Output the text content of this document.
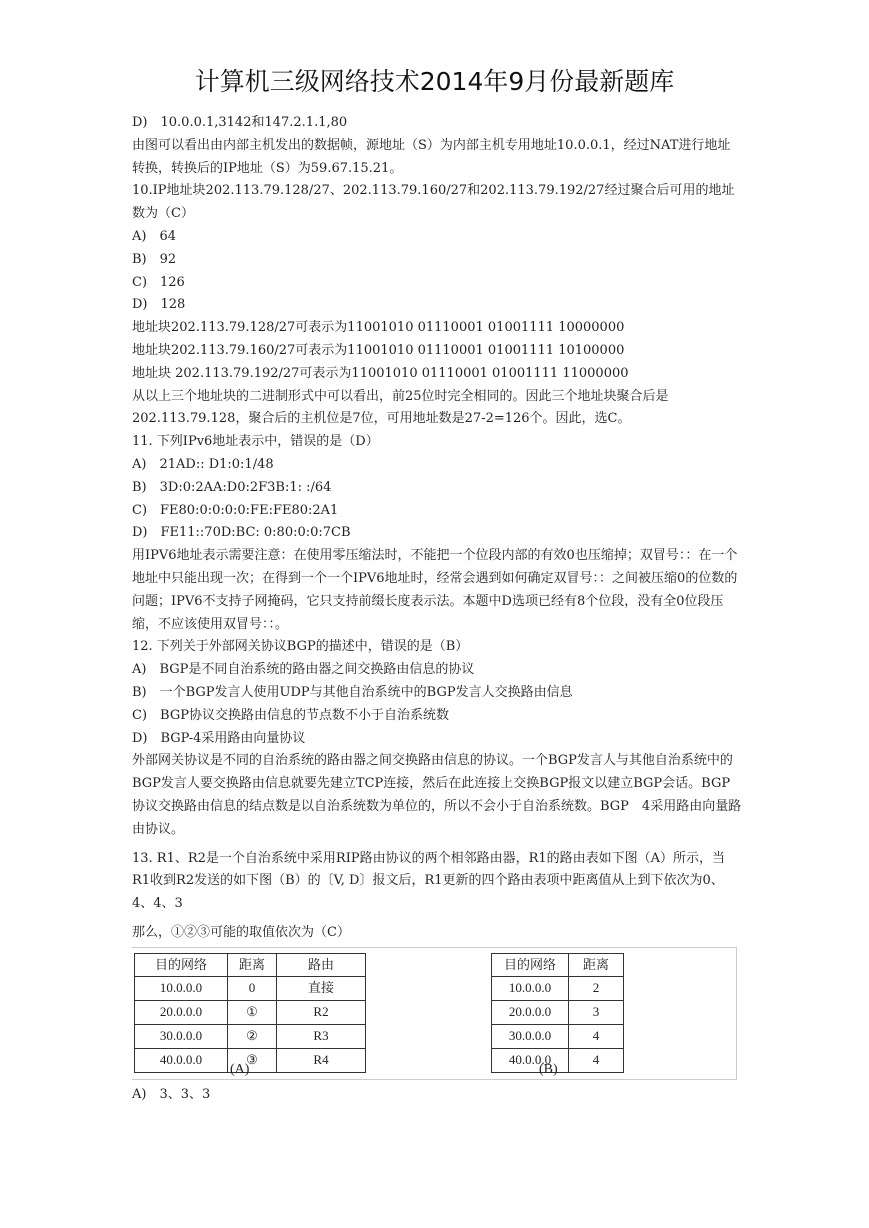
计算机三级网络技术2014年9月份最新题库

D)　10.0.0.1,3142和147.2.1.1,80

由图可以看出由内部主机发出的数据帧，源地址（S）为内部主机专用地址10.0.0.1，经过NAT进行地址转换，转换后的IP地址（S）为59.67.15.21。

10.IP地址块202.113.79.128/27、202.113.79.160/27和202.113.79.192/27经过聚合后可用的地址数为（C）

A)　64

B)　92

C)　126

D)　128

地址块202.113.79.128/27可表示为11001010 01110001 01001111 10000000

地址块202.113.79.160/27可表示为11001010 01110001 01001111 10100000

地址块 202.113.79.192/27可表示为11001010 01110001 01001111 11000000

从以上三个地址块的二进制形式中可以看出，前25位时完全相同的。因此三个地址块聚合后是202.113.79.128，聚合后的主机位是7位，可用地址数是27-2=126个。因此，选C。

11. 下列IPv6地址表示中，错误的是（D）

A)　21AD:: D1:0:1/48

B)　3D:0:2AA:D0:2F3B:1: :/64

C)　FE80:0:0:0:0:FE:FE80:2A1

D)　FE11::70D:BC: 0:80:0:0:7CB

用IPV6地址表示需要注意：在使用零压缩法时，不能把一个位段内部的有效0也压缩掉；双冒号：：在一个地址中只能出现一次；在得到一个一个IPV6地址时，经常会遇到如何确定双冒号：：之间被压缩0的位数的问题；IPV6不支持子网掩码，它只支持前缀长度表示法。本题中D选项已经有8个位段，没有全0位段压缩，不应该使用双冒号：：。

12. 下列关于外部网关协议BGP的描述中，错误的是（B）

A)　BGP是不同自治系统的路由器之间交换路由信息的协议

B)　一个BGP发言人使用UDP与其他自治系统中的BGP发言人交换路由信息

C)　BGP协议交换路由信息的节点数不小于自治系统数

D)　BGP-4采用路由向量协议

外部网关协议是不同的自治系统的路由器之间交换路由信息的协议。一个BGP发言人与其他自治系统中的BGP发言人要交换路由信息就要先建立TCP连接，然后在此连接上交换BGP报文以建立BGP会话。BGP协议交换路由信息的结点数是以自治系统数为单位的，所以不会小于自治系统数。BGP　4采用路由向量路由协议。

13. R1、R2是一个自治系统中采用RIP路由协议的两个相邻路由器，R1的路由表如下图（A）所示，当R1收到R2发送的如下图（B）的〔V, D〕报文后，R1更新的四个路由表项中距离值从上到下依次为0、4、4、3

那么，①②③可能的取值依次为（C）

目的网络	距离	路由
10.0.0.0	0	直接
20.0.0.0	①	R2
30.0.0.0	②	R3
40.0.0.0	③	R4
(A)
目的网络	距离
10.0.0.0	2
20.0.0.0	3
30.0.0.0	4
40.0.0.0	4
(B)

A)　3、3、3
